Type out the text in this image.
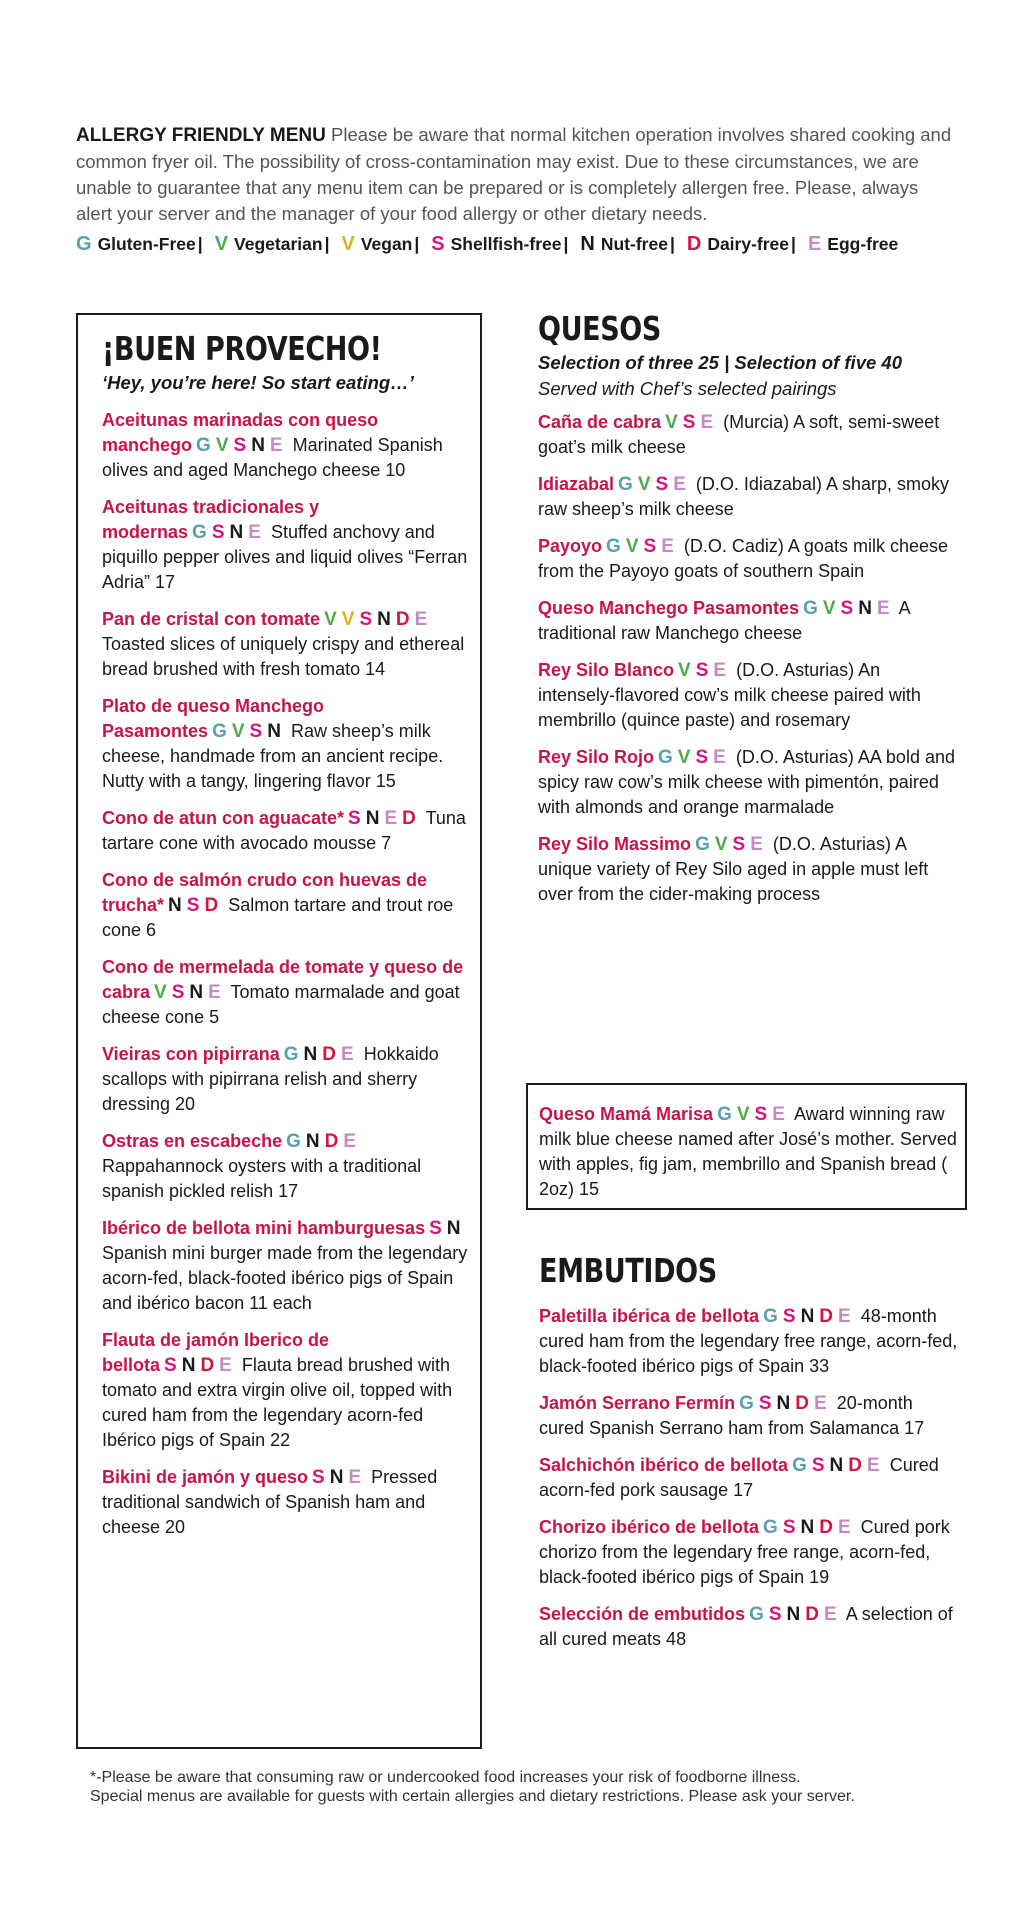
ALLERGY FRIENDLY MENU Please be aware that normal kitchen operation involves shared cooking and common fryer oil. The possibility of cross-contamination may exist. Due to these circumstances, we are unable to guarantee that any menu item can be prepared or is completely allergen free. Please, always alert your server and the manager of your food allergy or other dietary needs.
G Gluten-Free | V Vegetarian | V Vegan | S Shellfish-free | N Nut-free | D Dairy-free | E Egg-free
¡BUEN PROVECHO!
‘Hey, you’re here! So start eating…’
Aceitunas marinadas con queso manchego G V S N E Marinated Spanish olives and aged Manchego cheese 10
Aceitunas tradicionales y modernas G S N E Stuffed anchovy and piquillo pepper olives and liquid olives “Ferran Adria” 17
Pan de cristal con tomate V V S N D E Toasted slices of uniquely crispy and ethereal bread brushed with fresh tomato 14
Plato de queso Manchego Pasamontes G V S N Raw sheep’s milk cheese, handmade from an ancient recipe. Nutty with a tangy, lingering flavor 15
Cono de atun con aguacate* S N E D Tuna tartare cone with avocado mousse 7
Cono de salmón crudo con huevas de trucha* N S D Salmon tartare and trout roe cone 6
Cono de mermelada de tomate y queso de cabra V S N E Tomato marmalade and goat cheese cone 5
Vieiras con pipirrana G N D E Hokkaido scallops with pipirrana relish and sherry dressing 20
Ostras en escabeche G N D E Rappahannock oysters with a traditional spanish pickled relish 17
Ibérico de bellota mini hamburguesas S N Spanish mini burger made from the legendary acorn-fed, black-footed ibérico pigs of Spain and ibérico bacon 11 each
Flauta de jamón Iberico de bellota S N D E Flauta bread brushed with tomato and extra virgin olive oil, topped with cured ham from the legendary acorn-fed Ibérico pigs of Spain 22
Bikini de jamón y queso S N E Pressed traditional sandwich of Spanish ham and cheese 20
QUESOS
Selection of three 25 | Selection of five 40
Served with Chef’s selected pairings
Caña de cabra V S E (Murcia) A soft, semi-sweet goat’s milk cheese
Idiazabal G V S E (D.O. Idiazabal) A sharp, smoky raw sheep’s milk cheese
Payoyo G V S E (D.O. Cadiz) A goats milk cheese from the Payoyo goats of southern Spain
Queso Manchego Pasamontes G V S N E A traditional raw Manchego cheese
Rey Silo Blanco V S E (D.O. Asturias) An intensely-flavored cow’s milk cheese paired with membrillo (quince paste) and rosemary
Rey Silo Rojo G V S E (D.O. Asturias) AA bold and spicy raw cow’s milk cheese with pimentón, paired with almonds and orange marmalade
Rey Silo Massimo G V S E (D.O. Asturias) A unique variety of Rey Silo aged in apple must left over from the cider-making process
Queso Mamá Marisa G V S E Award winning raw milk blue cheese named after José’s mother. Served with apples, fig jam, membrillo and Spanish bread ( 2oz) 15
EMBUTIDOS
Paletilla ibérica de bellota G S N D E 48-month cured ham from the legendary free range, acorn-fed, black-footed ibérico pigs of Spain 33
Jamón Serrano Fermín G S N D E 20-month cured Spanish Serrano ham from Salamanca 17
Salchichón ibérico de bellota G S N D E Cured acorn-fed pork sausage 17
Chorizo ibérico de bellota G S N D E Cured pork chorizo from the legendary free range, acorn-fed, black-footed ibérico pigs of Spain 19
Selección de embutidos G S N D E A selection of all cured meats 48
*-Please be aware that consuming raw or undercooked food increases your risk of foodborne illness.
Special menus are available for guests with certain allergies and dietary restrictions. Please ask your server.
